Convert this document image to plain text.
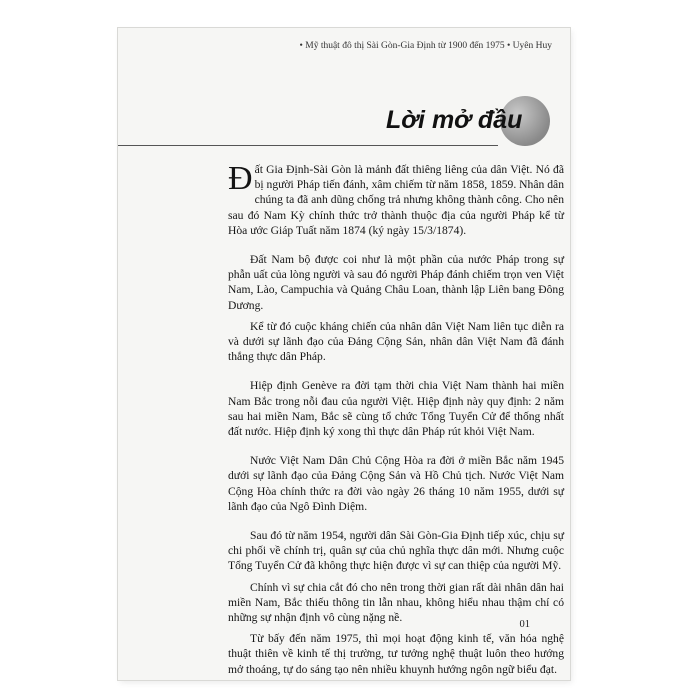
• Mỹ thuật đô thị Sài Gòn-Gia Định từ 1900 đến 1975 • Uyên Huy
Lời mở đầu

Đất Gia Định-Sài Gòn là mảnh đất thiêng liêng của dân Việt. Nó đã bị người Pháp tiến đánh, xâm chiếm từ năm 1858, 1859. Nhân dân chúng ta đã anh dũng chống trả nhưng không thành công. Cho nên sau đó Nam Kỳ chính thức trở thành thuộc địa của người Pháp kể từ Hòa ước Giáp Tuất năm 1874 (ký ngày 15/3/1874).

Đất Nam bộ được coi như là một phần của nước Pháp trong sự phẫn uất của lòng người và sau đó người Pháp đánh chiếm trọn ven Việt Nam, Lào, Campuchia và Quảng Châu Loan, thành lập Liên bang Đông Dương.

Kể từ đó cuộc kháng chiến của nhân dân Việt Nam liên tục diễn ra và dưới sự lãnh đạo của Đảng Cộng Sản, nhân dân Việt Nam đã đánh thắng thực dân Pháp.

Hiệp định Genève ra đời tạm thời chia Việt Nam thành hai miền Nam Bắc trong nỗi đau của người Việt. Hiệp định này quy định: 2 năm sau hai miền Nam, Bắc sẽ cùng tổ chức Tổng Tuyển Cử để thống nhất đất nước. Hiệp định ký xong thì thực dân Pháp rút khỏi Việt Nam.

Nước Việt Nam Dân Chủ Cộng Hòa ra đời ở miền Bắc năm 1945 dưới sự lãnh đạo của Đảng Cộng Sản và Hồ Chủ tịch. Nước Việt Nam Cộng Hòa chính thức ra đời vào ngày 26 tháng 10 năm 1955, dưới sự lãnh đạo của Ngô Đình Diệm.

Sau đó từ năm 1954, người dân Sài Gòn-Gia Định tiếp xúc, chịu sự chi phối về chính trị, quân sự của chủ nghĩa thực dân mới. Nhưng cuộc Tổng Tuyển Cử đã không thực hiện được vì sự can thiệp của người Mỹ.

Chính vì sự chia cắt đó cho nên trong thời gian rất dài nhân dân hai miền Nam, Bắc thiếu thông tin lẫn nhau, không hiểu nhau thậm chí có những sự nhận định vô cùng nặng nề.

Từ bấy đến năm 1975, thì mọi hoạt động kinh tế, văn hóa nghệ thuật thiên về kinh tế thị trường, tư tưởng nghệ thuật luôn theo hướng mở thoáng, tự do sáng tạo nên nhiều khuynh hướng ngôn ngữ biểu đạt.

01
